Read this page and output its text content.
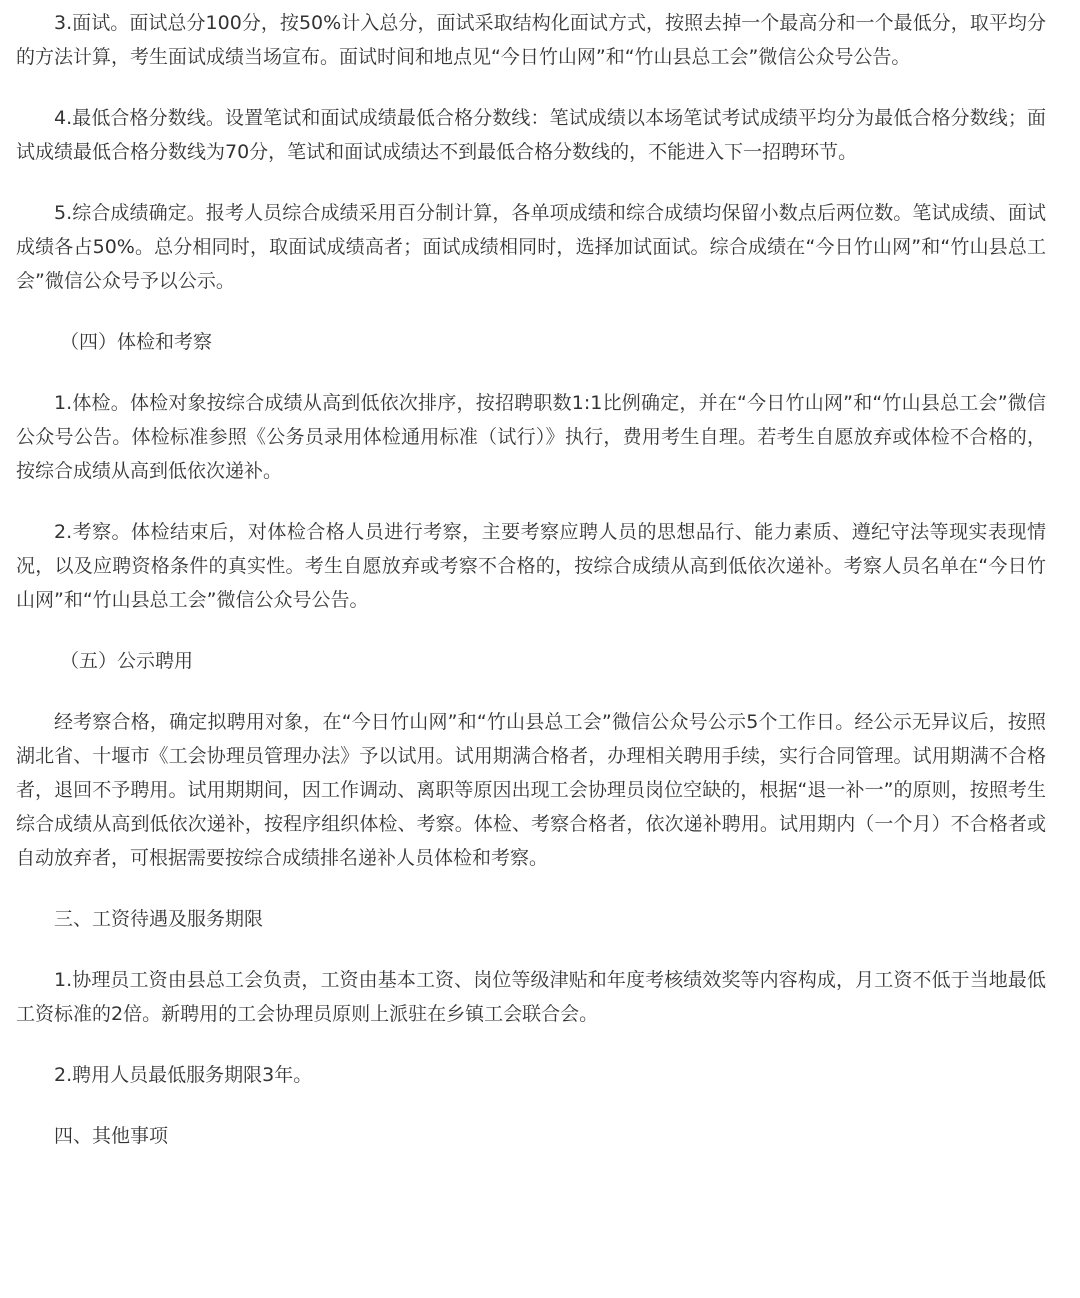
3.面试。面试总分100分，按50%计入总分，面试采取结构化面试方式，按照去掉一个最高分和一个最低分，取平均分的方法计算，考生面试成绩当场宣布。面试时间和地点见“今日竹山网”和“竹山县总工会”微信公众号公告。

4.最低合格分数线。设置笔试和面试成绩最低合格分数线：笔试成绩以本场笔试考试成绩平均分为最低合格分数线；面试成绩最低合格分数线为70分，笔试和面试成绩达不到最低合格分数线的，不能进入下一招聘环节。

5.综合成绩确定。报考人员综合成绩采用百分制计算，各单项成绩和综合成绩均保留小数点后两位数。笔试成绩、面试成绩各占50%。总分相同时，取面试成绩高者；面试成绩相同时，选择加试面试。综合成绩在“今日竹山网”和“竹山县总工会”微信公众号予以公示。

（四）体检和考察

1.体检。体检对象按综合成绩从高到低依次排序，按招聘职数1:1比例确定，并在“今日竹山网”和“竹山县总工会”微信公众号公告。体检标准参照《公务员录用体检通用标准（试行）》执行，费用考生自理。若考生自愿放弃或体检不合格的，按综合成绩从高到低依次递补。

2.考察。体检结束后，对体检合格人员进行考察，主要考察应聘人员的思想品行、能力素质、遵纪守法等现实表现情况，以及应聘资格条件的真实性。考生自愿放弃或考察不合格的，按综合成绩从高到低依次递补。考察人员名单在“今日竹山网”和“竹山县总工会”微信公众号公告。

（五）公示聘用

经考察合格，确定拟聘用对象，在“今日竹山网”和“竹山县总工会”微信公众号公示5个工作日。经公示无异议后，按照湖北省、十堰市《工会协理员管理办法》予以试用。试用期满合格者，办理相关聘用手续，实行合同管理。试用期满不合格者，退回不予聘用。试用期期间，因工作调动、离职等原因出现工会协理员岗位空缺的，根据“退一补一”的原则，按照考生综合成绩从高到低依次递补，按程序组织体检、考察。体检、考察合格者，依次递补聘用。试用期内（一个月）不合格者或自动放弃者，可根据需要按综合成绩排名递补人员体检和考察。

三、工资待遇及服务期限

1.协理员工资由县总工会负责，工资由基本工资、岗位等级津贴和年度考核绩效奖等内容构成，月工资不低于当地最低工资标准的2倍。新聘用的工会协理员原则上派驻在乡镇工会联合会。

2.聘用人员最低服务期限3年。

四、其他事项
